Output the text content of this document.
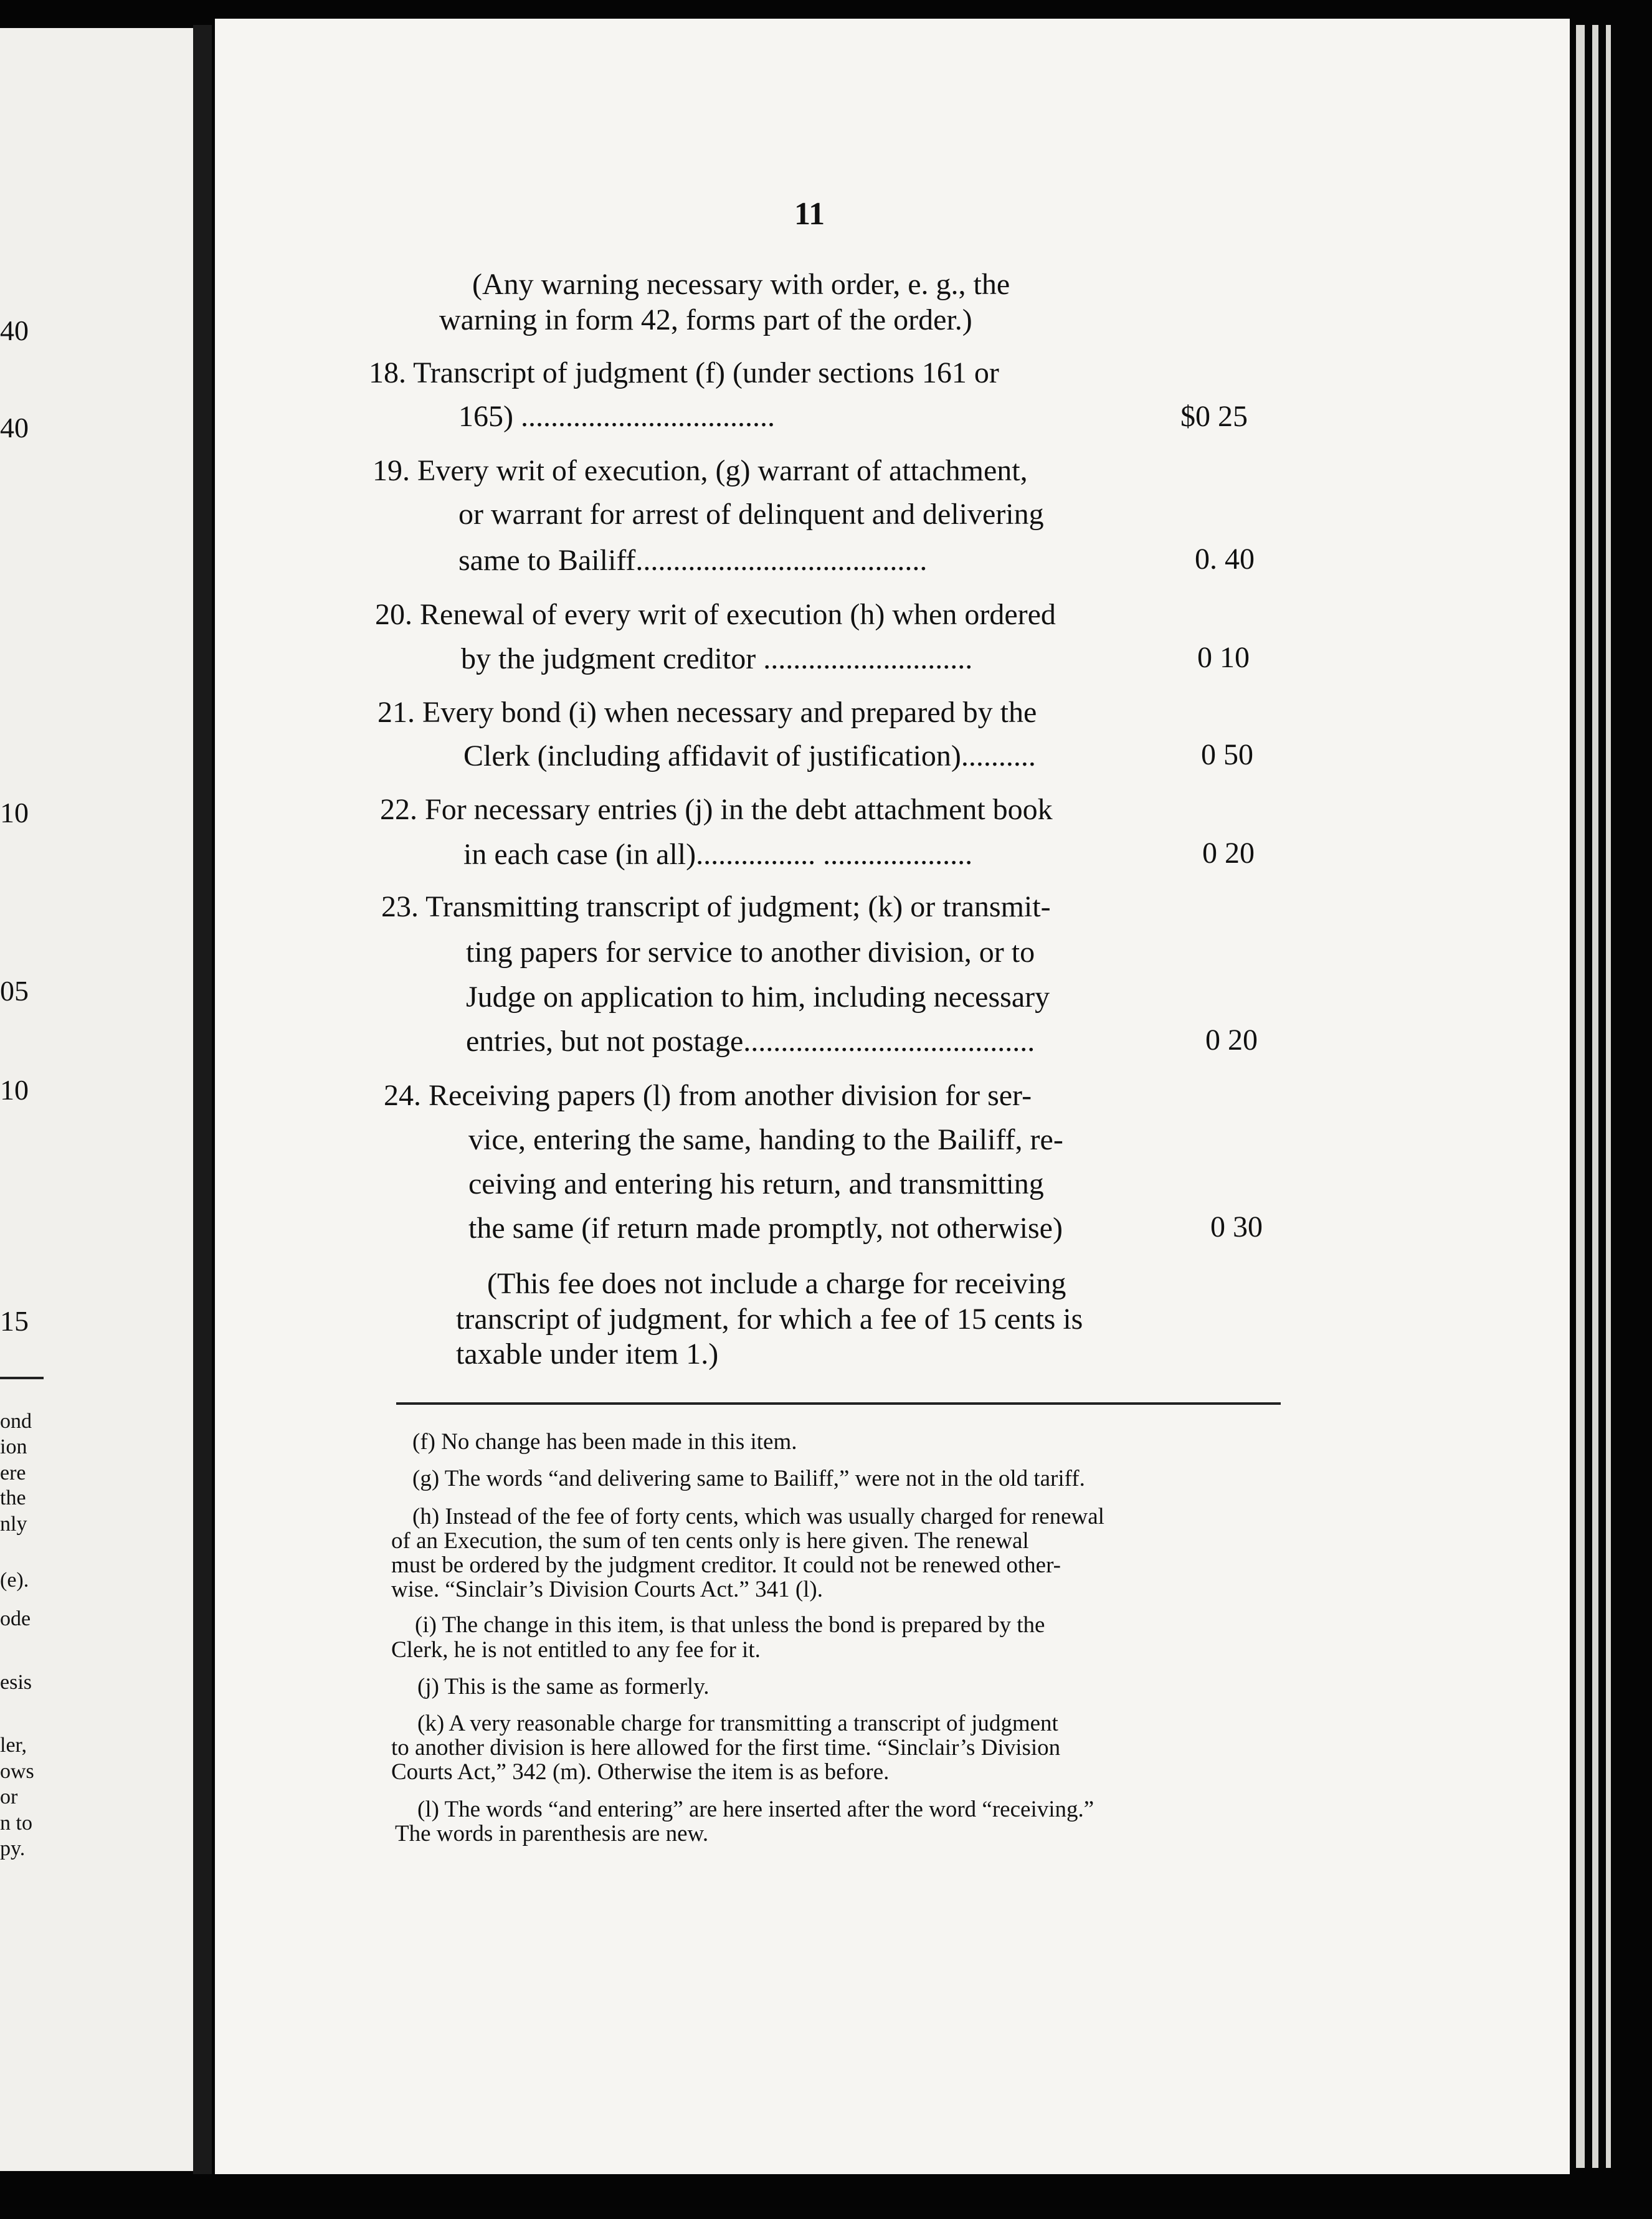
40
40
10
05
10
15
ond
ion
ere
the
nly
(e).
ode
esis
ler,
ows
or
n to
py.
11
(Any warning necessary with order, e. g., the
warning in form 42, forms part of the order.)
18. Transcript of judgment (f) (under sections 161 or
165) ..................................	$0 25
19. Every writ of execution, (g) warrant of attachment,
or warrant for arrest of delinquent and delivering
same to Bailiff.......................................	0. 40
20. Renewal of every writ of execution (h) when ordered
by the judgment creditor ............................	0 10
21. Every bond (i) when necessary and prepared by the
Clerk (including affidavit of justification)..........	0 50
22. For necessary entries (j) in the debt attachment book
in each case (in all)................ ....................	0 20
23. Transmitting transcript of judgment; (k) or transmit-
ting papers for service to another division, or to
Judge on application to him, including necessary
entries, but not postage.......................................	0 20
24. Receiving papers (l) from another division for ser-
vice, entering the same, handing to the Bailiff, re-
ceiving and entering his return, and transmitting
the same (if return made promptly, not otherwise)	0 30
(This fee does not include a charge for receiving
transcript of judgment, for which a fee of 15 cents is
taxable under item 1.)
(f) No change has been made in this item.
(g) The words “and delivering same to Bailiff,” were not in the old tariff.
(h) Instead of the fee of forty cents, which was usually charged for renewal
of an Execution, the sum of ten cents only is here given. The renewal
must be ordered by the judgment creditor. It could not be renewed other-
wise. “Sinclair’s Division Courts Act.” 341 (l).
(i) The change in this item, is that unless the bond is prepared by the
Clerk, he is not entitled to any fee for it.
(j) This is the same as formerly.
(k) A very reasonable charge for transmitting a transcript of judgment
to another division is here allowed for the first time. “Sinclair’s Division
Courts Act,” 342 (m). Otherwise the item is as before.
(l) The words “and entering” are here inserted after the word “receiving.”
The words in parenthesis are new.
